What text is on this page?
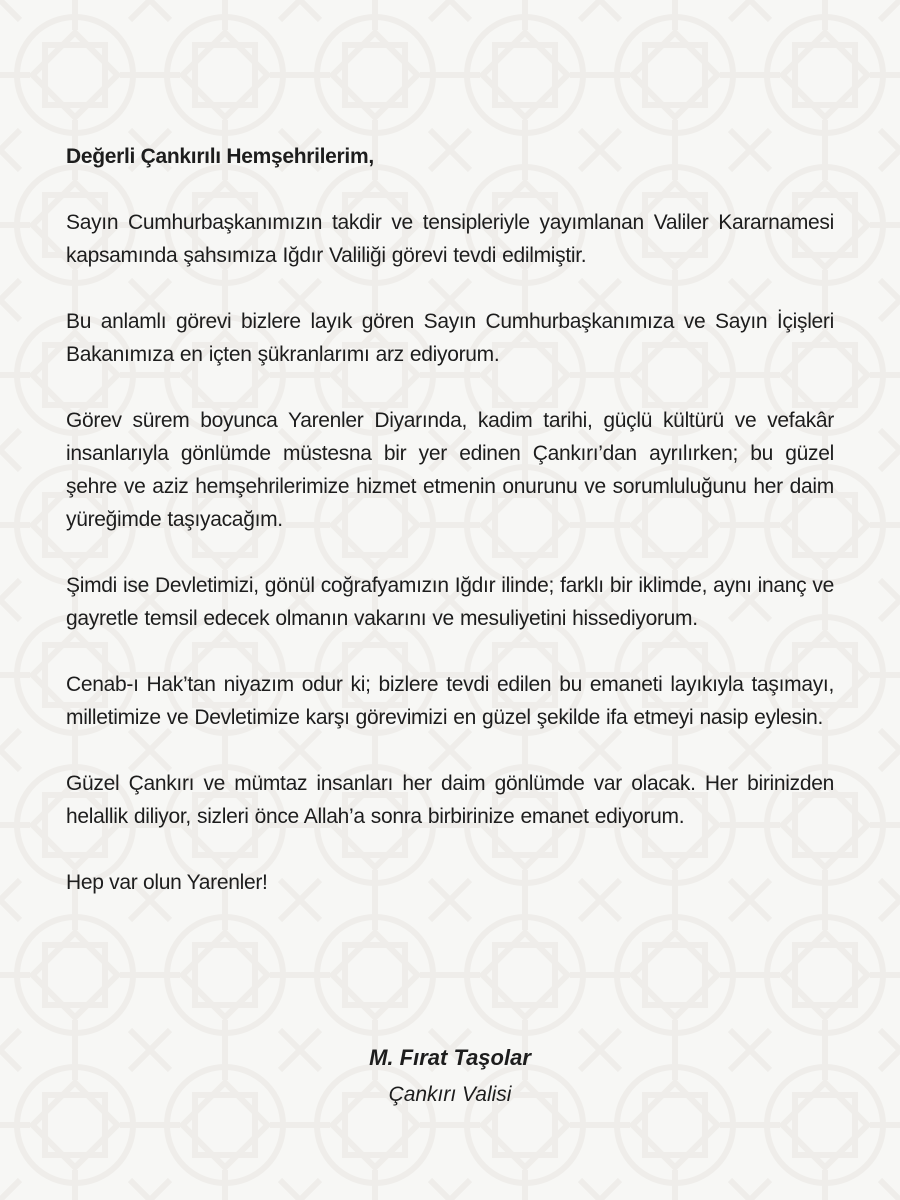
Değerli Çankırılı Hemşehrilerim,

Sayın Cumhurbaşkanımızın takdir ve tensipleriyle yayımlanan Valiler Kararnamesi kapsamında şahsımıza Iğdır Valiliği görevi tevdi edilmiştir.

Bu anlamlı görevi bizlere layık gören Sayın Cumhurbaşkanımıza ve Sayın İçişleri Bakanımıza en içten şükranlarımı arz ediyorum.

Görev sürem boyunca Yarenler Diyarında, kadim tarihi, güçlü kültürü ve vefakâr insanlarıyla gönlümde müstesna bir yer edinen Çankırı’dan ayrılırken; bu güzel şehre ve aziz hemşehrilerimize hizmet etmenin onurunu ve sorumluluğunu her daim yüreğimde taşıyacağım.

Şimdi ise Devletimizi, gönül coğrafyamızın Iğdır ilinde; farklı bir iklimde, aynı inanç ve gayretle temsil edecek olmanın vakarını ve mesuliyetini hissediyorum.

Cenab-ı Hak’tan niyazım odur ki; bizlere tevdi edilen bu emaneti layıkıyla taşımayı, milletimize ve Devletimize karşı görevimizi en güzel şekilde ifa etmeyi nasip eylesin.

Güzel Çankırı ve mümtaz insanları her daim gönlümde var olacak. Her birinizden helallik diliyor, sizleri önce Allah’a sonra birbirinize emanet ediyorum.

Hep var olun Yarenler!

M. Fırat Taşolar
Çankırı Valisi
